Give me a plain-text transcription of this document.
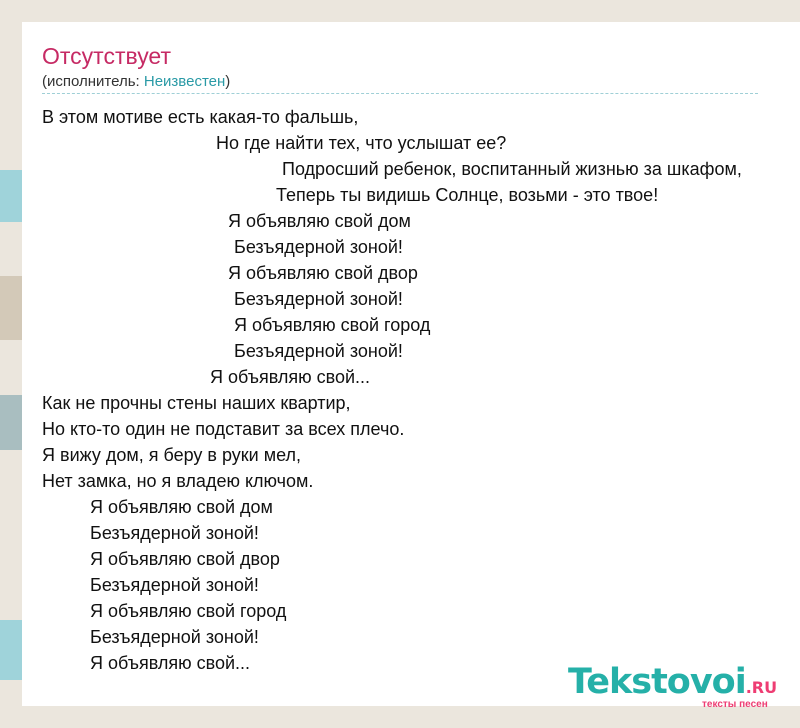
Отсутствует
(исполнитель: Неизвестен)
В этом мотиве есть какая-то фальшь,
Но где найти тех, что услышат ее?
Подросший ребенок, воспитанный жизнью за шкафом,
Теперь ты видишь Солнце, возьми - это твое!
Я объявляю свой дом
Безъядерной зоной!
Я объявляю свой двор
Безъядерной зоной!
Я объявляю свой город
Безъядерной зоной!
Я объявляю свой...
Как не прочны стены наших квартир,
Но кто-то один не подставит за всех плечо.
Я вижу дом, я беру в руки мел,
Нет замка, но я владею ключом.
Я объявляю свой дом
Безъядерной зоной!
Я объявляю свой двор
Безъядерной зоной!
Я объявляю свой город
Безъядерной зоной!
Я объявляю свой...	Tekstovoi.RU
тексты песен
